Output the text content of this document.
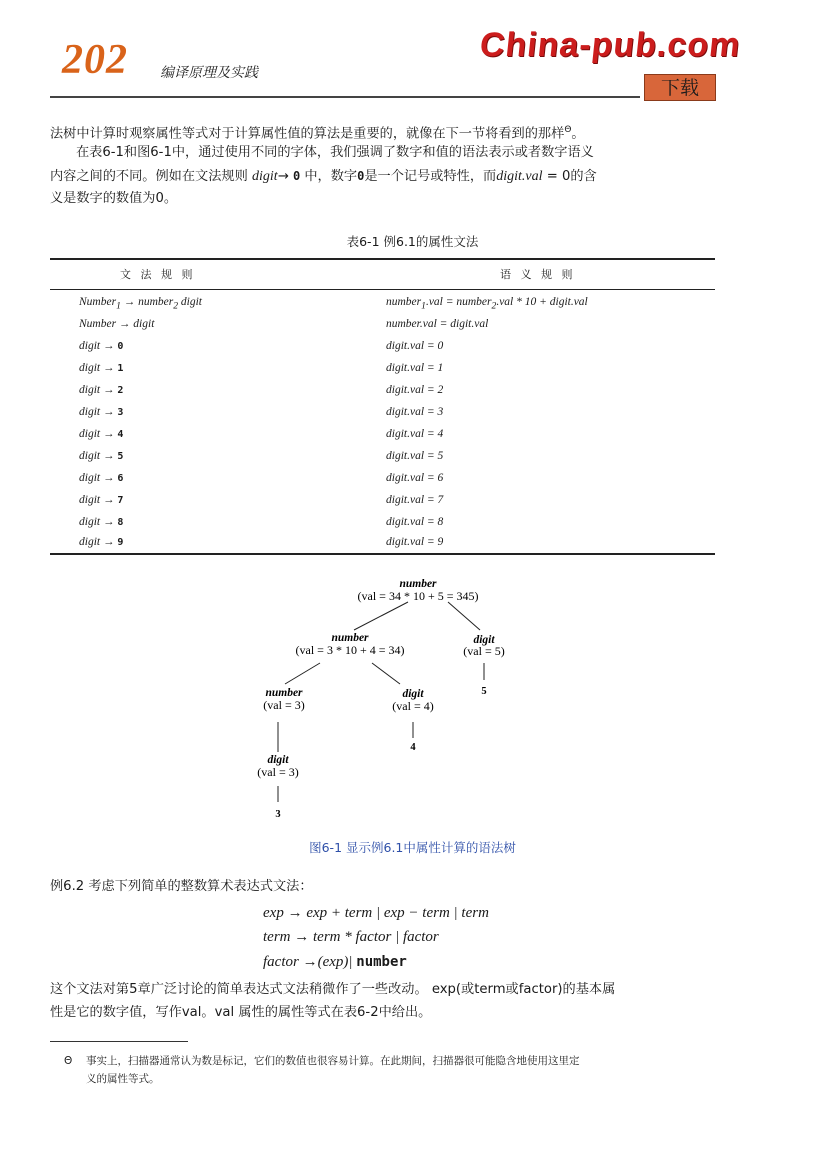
202 编译原理及实践
China-pub.com
下载
法树中计算时观察属性等式对于计算属性值的算法是重要的，就像在下一节将看到的那样$^\Theta$。
在表6-1和图6-1中，通过使用不同的字体，我们强调了数字和值的语法表示或者数字语义
内容之间的不同。例如在文法规则 digit→ 0 中，数字0是一个记号或特性，而digit.val = 0的含
义是数字的数值为0。
表6-1 例6.1的属性文法
文 法 规 则	语 义 规 则
Number$_1$ → number$_2$ digit	number$_1$.val = number$_2$.val * 10 + digit.val
Number → digit	number.val = digit.val
digit → 0	digit.val = 0
digit → 1	digit.val = 1
digit → 2	digit.val = 2
digit → 3	digit.val = 3
digit → 4	digit.val = 4
digit → 5	digit.val = 5
digit → 6	digit.val = 6
digit → 7	digit.val = 7
digit → 8	digit.val = 8
digit → 9	digit.val = 9
number
(val = 34 * 10 + 5 = 345)
number
(val = 3 * 10 + 4 = 34)
digit
(val = 5)
5
number
(val = 3)
digit
(val = 4)
4
digit
(val = 3)
3
图6-1 显示例6.1中属性计算的语法树
例6.2 考虑下列简单的整数算术表达式文法：
exp → exp + term | exp − term | term
term → term * factor | factor
factor →(exp)| number
这个文法对第5章广泛讨论的简单表达式文法稍微作了一些改动。 exp(或term或factor)的基本属
性是它的数字值，写作val。val 属性的属性等式在表6-2中给出。
Θ 事实上，扫描器通常认为数是标记，它们的数值也很容易计算。在此期间，扫描器很可能隐含地使用这里定
义的属性等式。
